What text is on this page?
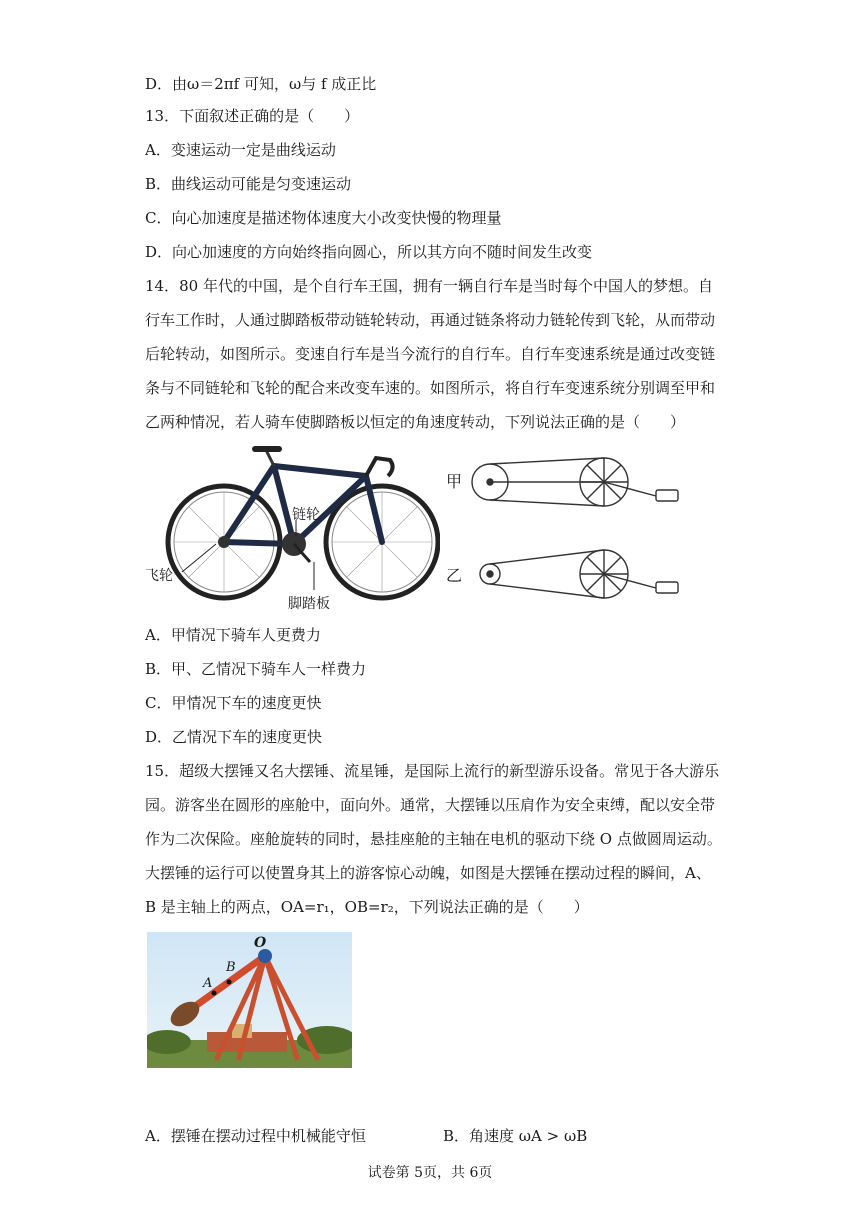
D．由ω＝2πf 可知，ω与 f 成正比
13．下面叙述正确的是（　　）
A．变速运动一定是曲线运动
B．曲线运动可能是匀变速运动
C．向心加速度是描述物体速度大小改变快慢的物理量
D．向心加速度的方向始终指向圆心，所以其方向不随时间发生改变
14．80 年代的中国，是个自行车王国，拥有一辆自行车是当时每个中国人的梦想。自
行车工作时，人通过脚踏板带动链轮转动，再通过链条将动力链轮传到飞轮，从而带动
后轮转动，如图所示。变速自行车是当今流行的自行车。自行车变速系统是通过改变链
条与不同链轮和飞轮的配合来改变车速的。如图所示，将自行车变速系统分别调至甲和
乙两种情况，若人骑车使脚踏板以恒定的角速度转动，下列说法正确的是（　　）
链轮
飞轮
脚踏板
甲
乙
A．甲情况下骑车人更费力
B．甲、乙情况下骑车人一样费力
C．甲情况下车的速度更快
D．乙情况下车的速度更快
15．超级大摆锤又名大摆锤、流星锤，是国际上流行的新型游乐设备。常见于各大游乐
园。游客坐在圆形的座舱中，面向外。通常，大摆锤以压肩作为安全束缚，配以安全带
作为二次保险。座舱旋转的同时，悬挂座舱的主轴在电机的驱动下绕 O 点做圆周运动。
大摆锤的运行可以使置身其上的游客惊心动魄，如图是大摆锤在摆动过程的瞬间，A、
B 是主轴上的两点，OA=r₁，OB=r₂，下列说法正确的是（　　）
O
B
A
A．摆锤在摆动过程中机械能守恒	B．角速度 ωA > ωB
试卷第 5页，共 6页
